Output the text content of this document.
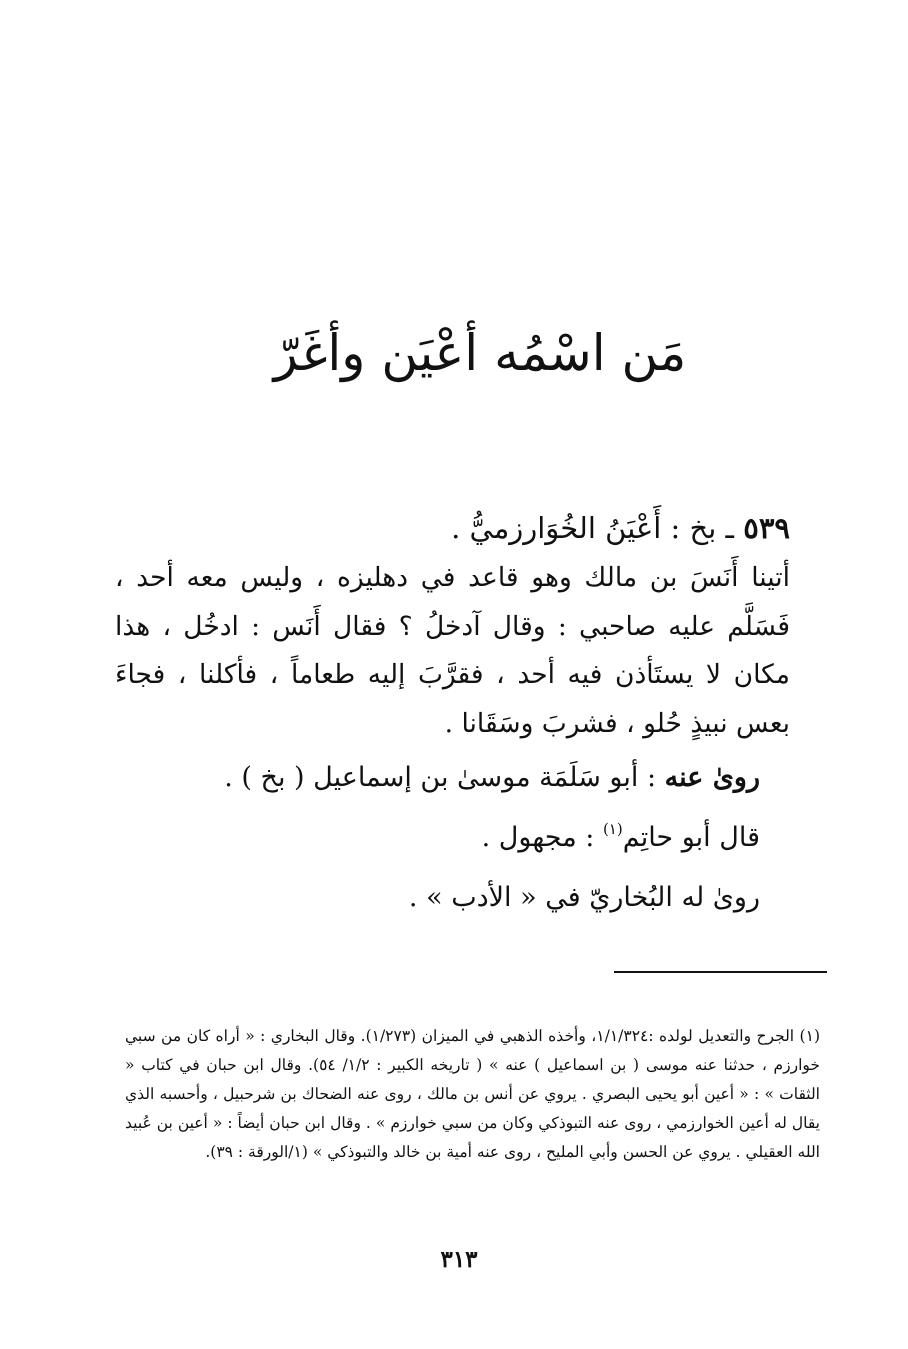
مَن اسْمُه أعْيَن وأغَرّ
٥٣٩ ـ بخ : أَعْيَنُ الخُوَارزميُّ .
أتينا أَنَسَ بن مالك وهو قاعد في دهليزه ، وليس معه أحد ، فَسَلَّم عليه صاحبي : وقال آدخلُ ؟ فقال أَنَس : ادخُل ، هذا مكان لا يستَأذن فيه أحد ، فقرَّبَ إليه طعاماً ، فأكلنا ، فجاءَ بعس نبيذٍ حُلو ، فشربَ وسَقَانا .
روىٰ عنه : أبو سَلَمَة موسىٰ بن إسماعيل ( بخ ) .
قال أبو حاتِم$^{(١)}$ : مجهول .
روىٰ له البُخاريّ في « الأدب » .

(١) الجرح والتعديل لولده :١/١/٣٢٤، وأخذه الذهبي في الميزان (١/٢٧٣). وقال البخاري : « أراه كان من سبي خوارزم ، حدثنا عنه موسى ( بن اسماعيل ) عنه » ( تاريخه الكبير : ١/٢/ ٥٤). وقال ابن حبان في كتاب « الثقات » : « أعين أبو يحيى البصري . يروي عن أنس بن مالك ، روى عنه الضحاك بن شرحبيل ، وأحسبه الذي يقال له أعين الخوارزمي ، روى عنه التبوذكي وكان من سبي خوارزم » . وقال ابن حبان أيضاً : « أعين بن عُبيد الله العقيلي . يروي عن الحسن وأبي المليح ، روى عنه أمية بن خالد والتبوذكي » (١/الورقة : ٣٩).

٣١٣
